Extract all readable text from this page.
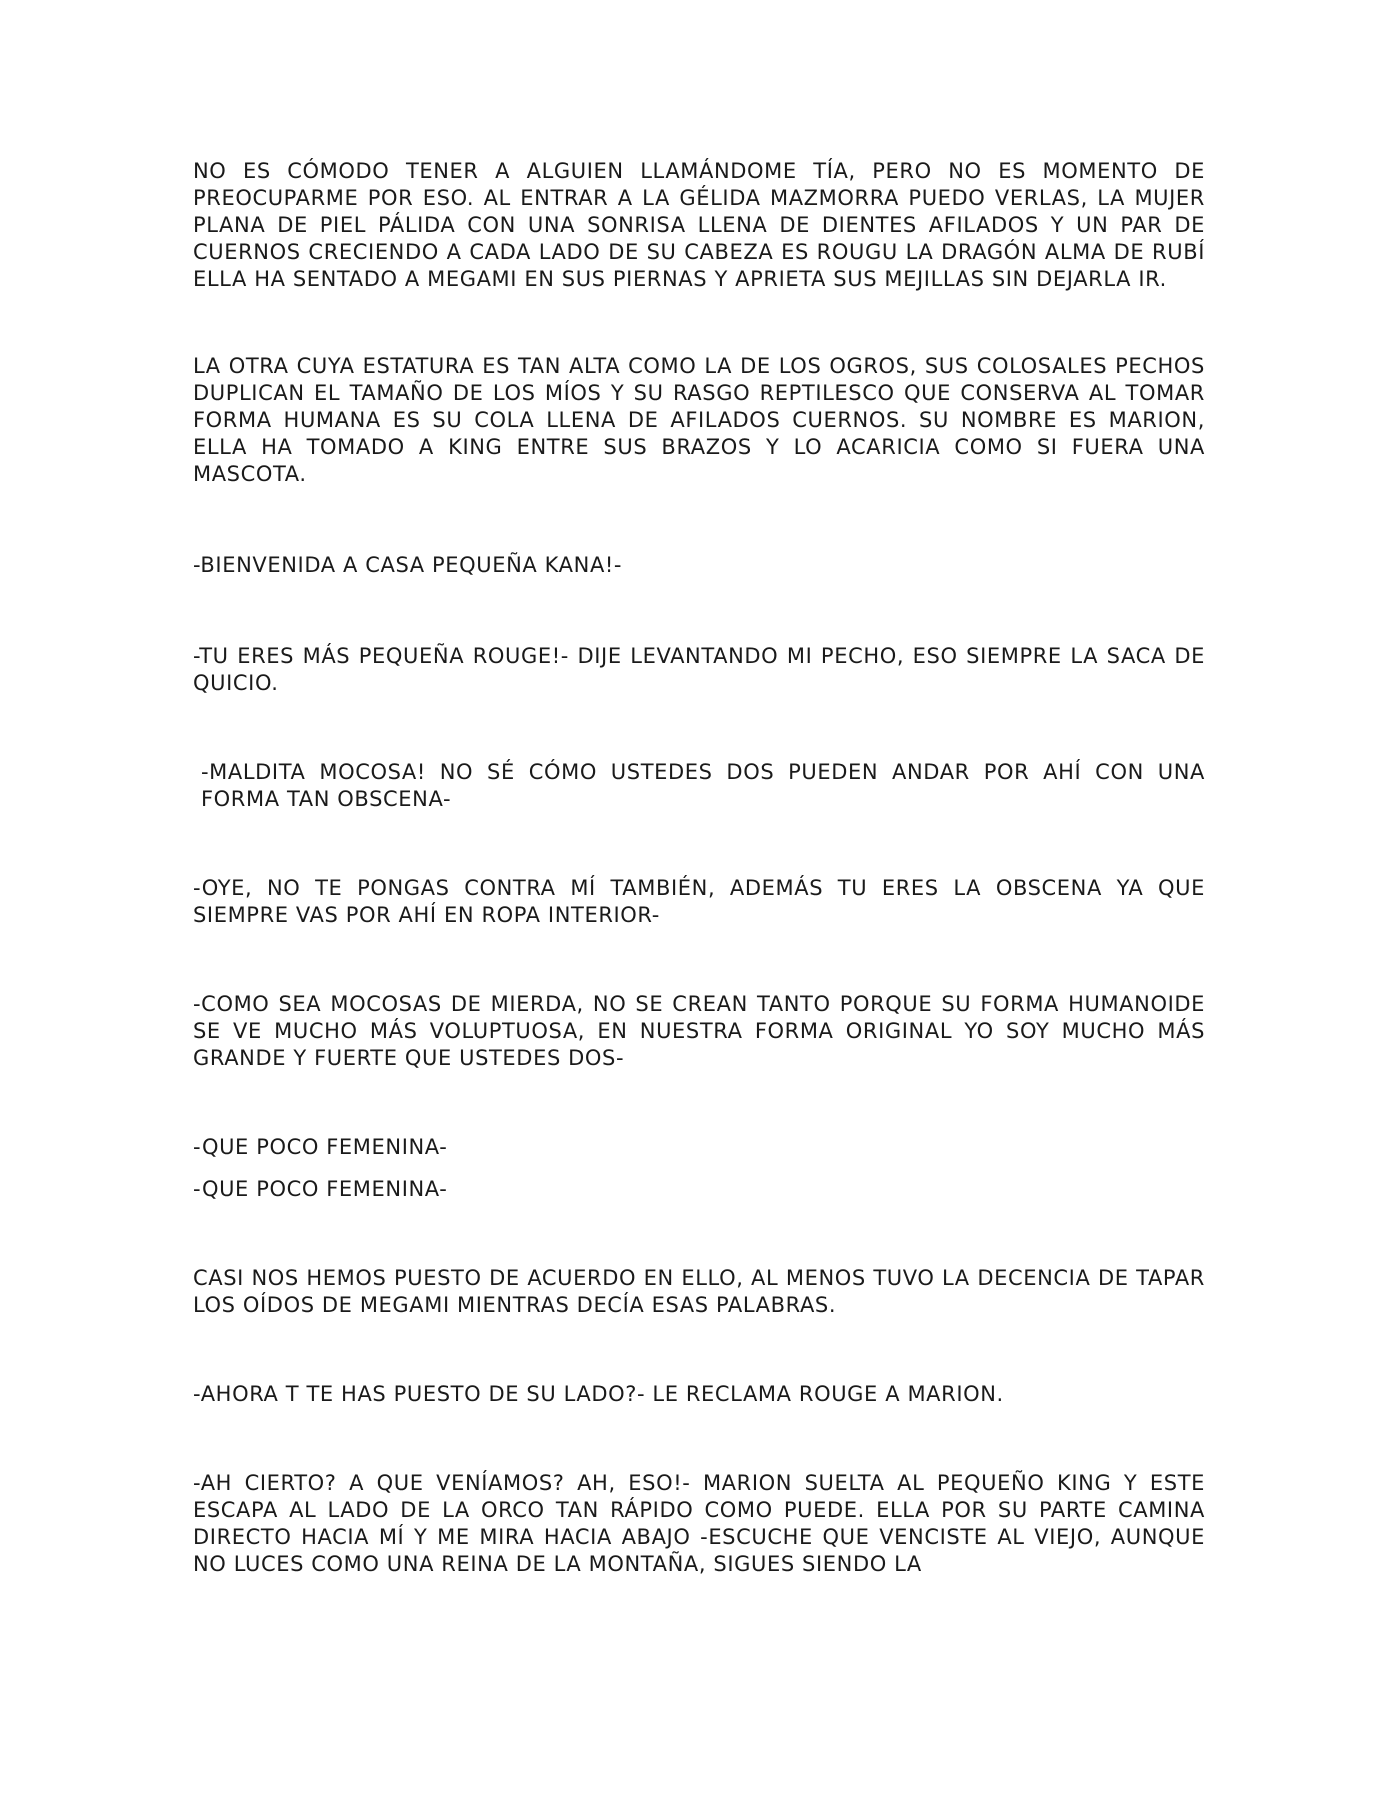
NO ES CÓMODO TENER A ALGUIEN LLAMÁNDOME TÍA, PERO NO ES MOMENTO DE PREOCUPARME POR ESO. AL ENTRAR A LA GÉLIDA MAZMORRA PUEDO VERLAS, LA MUJER PLANA DE PIEL PÁLIDA CON UNA SONRISA LLENA DE DIENTES AFILADOS Y UN PAR DE CUERNOS CRECIENDO A CADA LADO DE SU CABEZA ES ROUGU LA DRAGÓN ALMA DE RUBÍ ELLA HA SENTADO A MEGAMI EN SUS PIERNAS Y APRIETA SUS MEJILLAS SIN DEJARLA IR.

LA OTRA CUYA ESTATURA ES TAN ALTA COMO LA DE LOS OGROS, SUS COLOSALES PECHOS DUPLICAN EL TAMAÑO DE LOS MÍOS Y SU RASGO REPTILESCO QUE CONSERVA AL TOMAR FORMA HUMANA ES SU COLA LLENA DE AFILADOS CUERNOS. SU NOMBRE ES MARION, ELLA HA TOMADO A KING ENTRE SUS BRAZOS Y LO ACARICIA COMO SI FUERA UNA MASCOTA.

-BIENVENIDA A CASA PEQUEÑA KANA!-

-TU ERES MÁS PEQUEÑA ROUGE!- DIJE LEVANTANDO MI PECHO, ESO SIEMPRE LA SACA DE QUICIO.

-MALDITA MOCOSA! NO SÉ CÓMO USTEDES DOS PUEDEN ANDAR POR AHÍ CON UNA FORMA TAN OBSCENA-

-OYE, NO TE PONGAS CONTRA MÍ TAMBIÉN, ADEMÁS TU ERES LA OBSCENA YA QUE SIEMPRE VAS POR AHÍ EN ROPA INTERIOR-

-COMO SEA MOCOSAS DE MIERDA, NO SE CREAN TANTO PORQUE SU FORMA HUMANOIDE SE VE MUCHO MÁS VOLUPTUOSA, EN NUESTRA FORMA ORIGINAL YO SOY MUCHO MÁS GRANDE Y FUERTE QUE USTEDES DOS-

-QUE POCO FEMENINA-

-QUE POCO FEMENINA-

CASI NOS HEMOS PUESTO DE ACUERDO EN ELLO, AL MENOS TUVO LA DECENCIA DE TAPAR LOS OÍDOS DE MEGAMI MIENTRAS DECÍA ESAS PALABRAS.

-AHORA T TE HAS PUESTO DE SU LADO?- LE RECLAMA ROUGE A MARION.

-AH CIERTO? A QUE VENÍAMOS? AH, ESO!- MARION SUELTA AL PEQUEÑO KING Y ESTE ESCAPA AL LADO DE LA ORCO TAN RÁPIDO COMO PUEDE. ELLA POR SU PARTE CAMINA DIRECTO HACIA MÍ Y ME MIRA HACIA ABAJO -ESCUCHE QUE VENCISTE AL VIEJO, AUNQUE NO LUCES COMO UNA REINA DE LA MONTAÑA, SIGUES SIENDO LA
